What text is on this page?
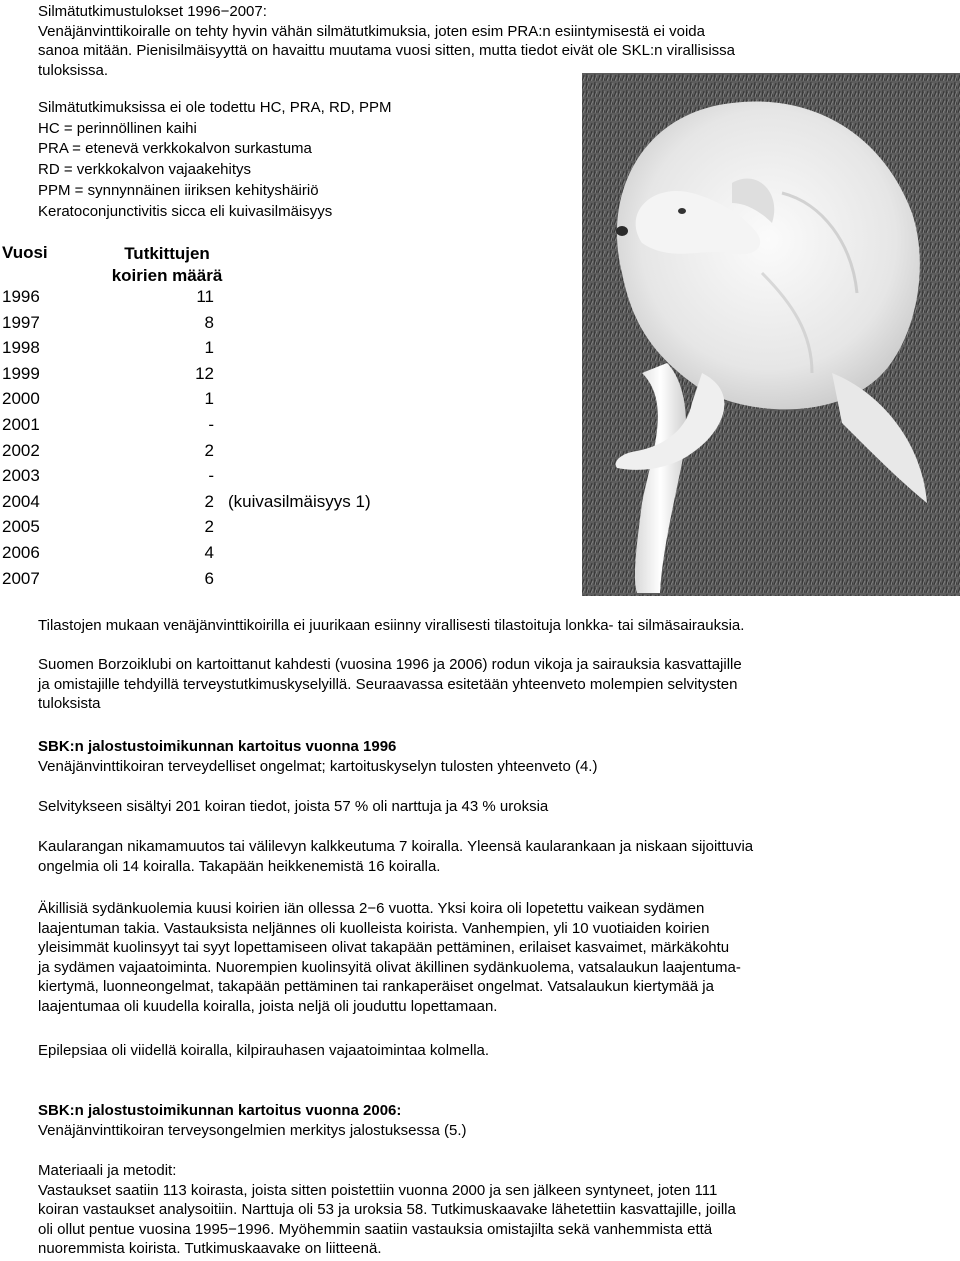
Silmätutkimustulokset 1996−2007:
Venäjänvinttikoiralle on tehty hyvin vähän silmätutkimuksia, joten esim PRA:n esiintymisestä ei voida
sanoa mitään. Pienisilmäisyyttä on havaittu muutama vuosi sitten, mutta tiedot eivät ole SKL:n virallisissa
tuloksissa.
Silmätutkimuksissa ei ole todettu HC, PRA, RD, PPM
HC = perinnöllinen kaihi
PRA = etenevä verkkokalvon surkastuma
RD = verkkokalvon vajaakehitys
PPM = synnynnäinen iiriksen kehityshäiriö
Keratoconjunctivitis sicca eli kuivasilmäisyys
Vuosi	Tutkittujen
koirien määrä
1996	11
1997	8
1998	1
1999	12
2000	1
2001	-
2002	2
2003	-
2004	2 (kuivasilmäisyys 1)
2005	2
2006	4
2007	6

Tilastojen mukaan venäjänvinttikoirilla ei juurikaan esiinny virallisesti tilastoituja lonkka- tai silmäsairauksia.

Suomen Borzoiklubi on kartoittanut kahdesti (vuosina 1996 ja 2006) rodun vikoja ja sairauksia kasvattajille
ja omistajille tehdyillä terveystutkimuskyselyillä. Seuraavassa esitetään yhteenveto molempien selvitysten
tuloksista
SBK:n jalostustoimikunnan kartoitus vuonna 1996
Venäjänvinttikoiran terveydelliset ongelmat; kartoituskyselyn tulosten yhteenveto (4.)

Selvitykseen sisältyi 201 koiran tiedot, joista 57 % oli narttuja ja 43 % uroksia

Kaularangan nikamamuutos tai välilevyn kalkkeutuma 7 koiralla. Yleensä kaularankaan ja niskaan sijoittuvia
ongelmia oli 14 koiralla. Takapään heikkenemistä 16 koiralla.
Äkillisiä sydänkuolemia kuusi koirien iän ollessa 2−6 vuotta. Yksi koira oli lopetettu vaikean sydämen
laajentuman takia. Vastauksista neljännes oli kuolleista koirista. Vanhempien, yli 10 vuotiaiden koirien
yleisimmät kuolinsyyt tai syyt lopettamiseen olivat takapään pettäminen, erilaiset kasvaimet, märkäkohtu
ja sydämen vajaatoiminta. Nuorempien kuolinsyitä olivat äkillinen sydänkuolema, vatsalaukun laajentuma-
kiertymä, luonneongelmat, takapään pettäminen tai rankaperäiset ongelmat. Vatsalaukun kiertymää ja
laajentumaa oli kuudella koiralla, joista neljä oli jouduttu lopettamaan.

Epilepsiaa oli viidellä koiralla, kilpirauhasen vajaatoimintaa kolmella.

SBK:n jalostustoimikunnan kartoitus vuonna 2006:
Venäjänvinttikoiran terveysongelmien merkitys jalostuksessa (5.)
Materiaali ja metodit:
Vastaukset saatiin 113 koirasta, joista sitten poistettiin vuonna 2000 ja sen jälkeen syntyneet, joten 111
koiran vastaukset analysoitiin. Narttuja oli 53 ja uroksia 58. Tutkimuskaavake lähetettiin kasvattajille, joilla
oli ollut pentue vuosina 1995−1996. Myöhemmin saatiin vastauksia omistajilta sekä vanhemmista että
nuoremmista koirista. Tutkimuskaavake on liitteenä.
